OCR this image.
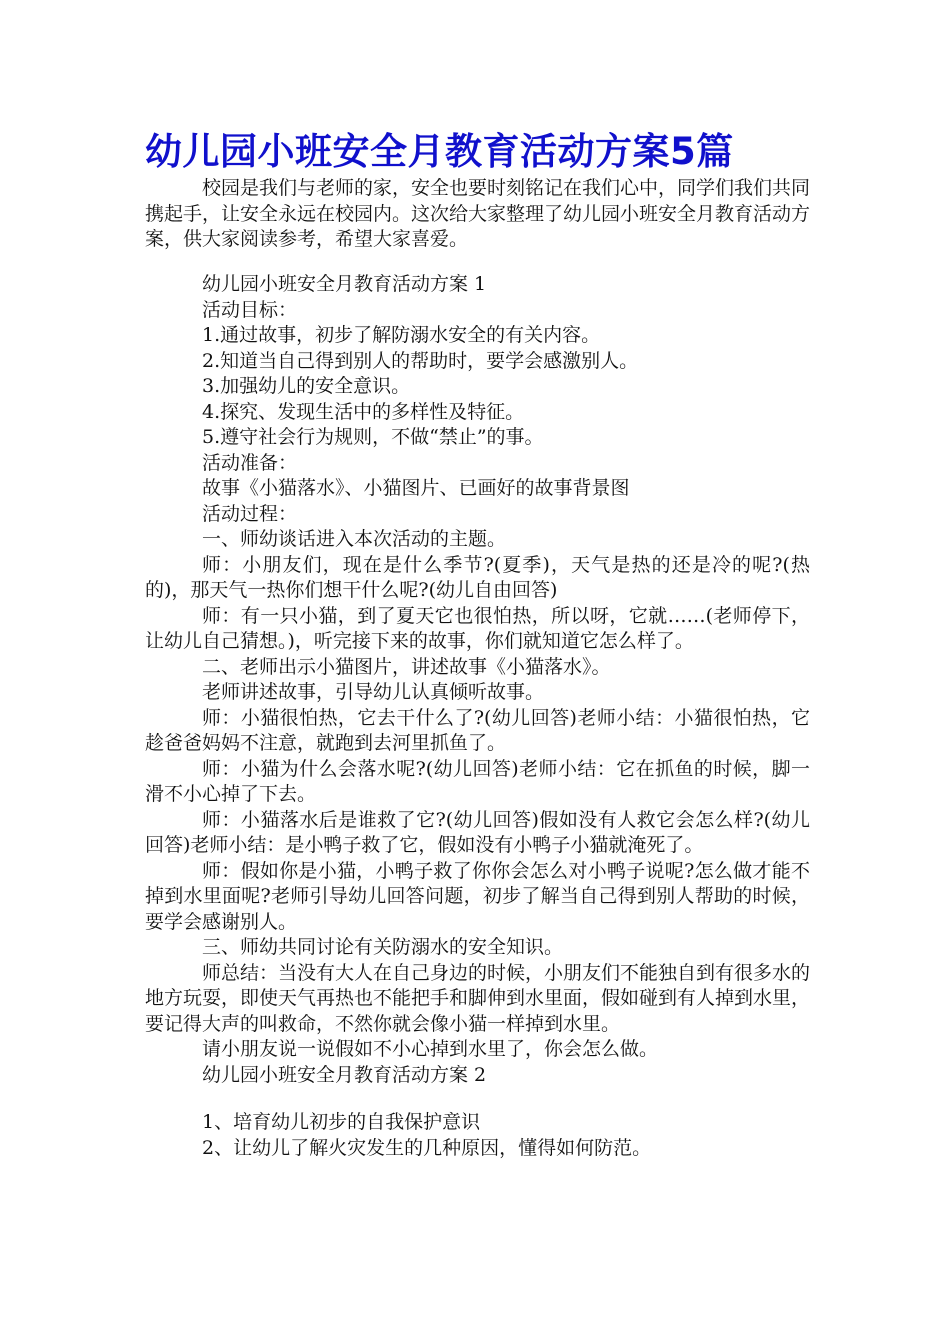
幼儿园小班安全月教育活动方案5篇

校园是我们与老师的家，安全也要时刻铭记在我们心中，同学们我们共同携起手，让安全永远在校园内。这次给大家整理了幼儿园小班安全月教育活动方案，供大家阅读参考，希望大家喜爱。

幼儿园小班安全月教育活动方案 1

活动目标：

1.通过故事，初步了解防溺水安全的有关内容。

2.知道当自己得到别人的帮助时，要学会感激别人。

3.加强幼儿的安全意识。

4.探究、发现生活中的多样性及特征。

5.遵守社会行为规则，不做“禁止”的事。

活动准备：

故事《小猫落水》、小猫图片、已画好的故事背景图

活动过程：

一、师幼谈话进入本次活动的主题。

师：小朋友们，现在是什么季节?(夏季)，天气是热的还是冷的呢?(热的)，那天气一热你们想干什么呢?(幼儿自由回答)

师：有一只小猫，到了夏天它也很怕热，所以呀，它就……(老师停下，让幼儿自己猜想。)，听完接下来的故事，你们就知道它怎么样了。

二、老师出示小猫图片，讲述故事《小猫落水》。

老师讲述故事，引导幼儿认真倾听故事。

师：小猫很怕热，它去干什么了?(幼儿回答)老师小结：小猫很怕热，它趁爸爸妈妈不注意，就跑到去河里抓鱼了。

师：小猫为什么会落水呢?(幼儿回答)老师小结：它在抓鱼的时候，脚一滑不小心掉了下去。

师：小猫落水后是谁救了它?(幼儿回答)假如没有人救它会怎么样?(幼儿回答)老师小结：是小鸭子救了它，假如没有小鸭子小猫就淹死了。

师：假如你是小猫，小鸭子救了你你会怎么对小鸭子说呢?怎么做才能不掉到水里面呢?老师引导幼儿回答问题，初步了解当自己得到别人帮助的时候，要学会感谢别人。

三、师幼共同讨论有关防溺水的安全知识。

师总结：当没有大人在自己身边的时候，小朋友们不能独自到有很多水的地方玩耍，即使天气再热也不能把手和脚伸到水里面，假如碰到有人掉到水里，要记得大声的叫救命，不然你就会像小猫一样掉到水里。

请小朋友说一说假如不小心掉到水里了，你会怎么做。

幼儿园小班安全月教育活动方案 2

1、培育幼儿初步的自我保护意识

2、让幼儿了解火灾发生的几种原因，懂得如何防范。
